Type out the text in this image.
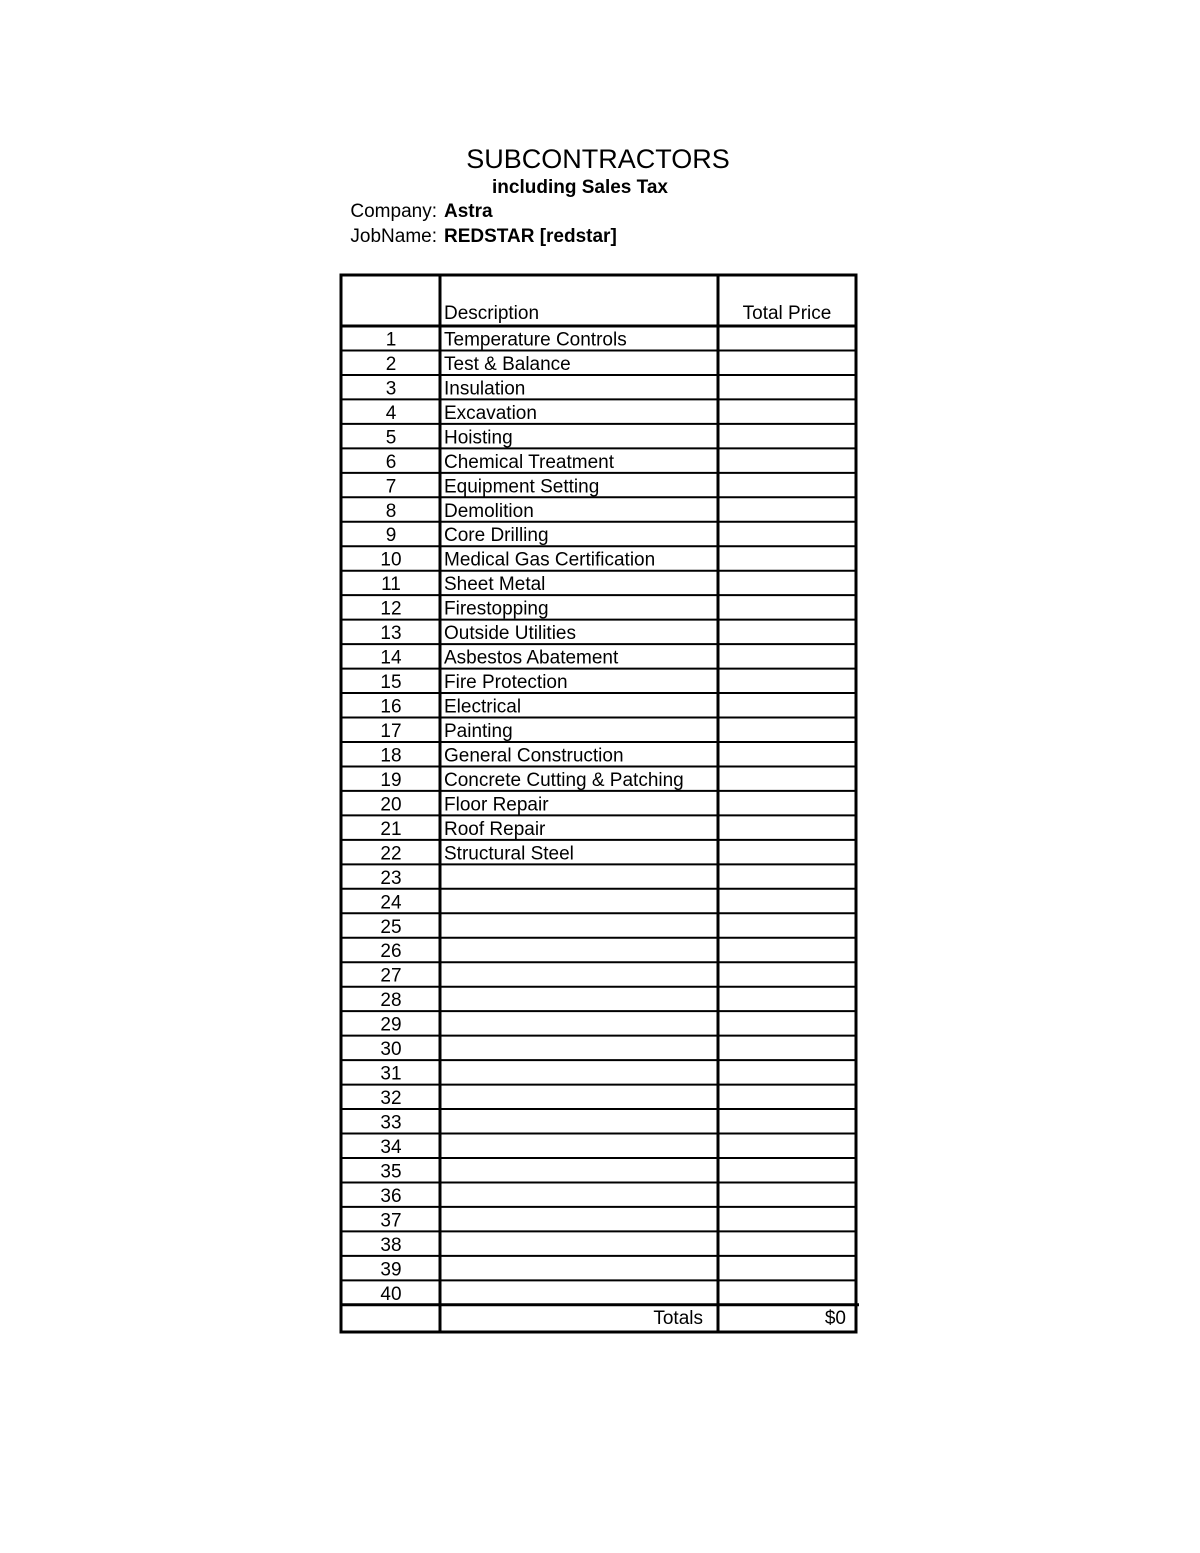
SUBCONTRACTORS
including Sales Tax
Company: Astra
JobName: REDSTAR [redstar]
Description	Total Price
1	Temperature Controls
2	Test & Balance
3	Insulation
4	Excavation
5	Hoisting
6	Chemical Treatment
7	Equipment Setting
8	Demolition
9	Core Drilling
10 Medical Gas Certification
11 Sheet Metal
12 Firestopping
13 Outside Utilities
14 Asbestos Abatement
15 Fire Protection
16 Electrical
17 Painting
18 General Construction
19 Concrete Cutting & Patching
20 Floor Repair
21 Roof Repair
22 Structural Steel
23
24
25
26
27
28
29
30
31
32
33
34
35
36
37
38
39
40
Totals	$0
